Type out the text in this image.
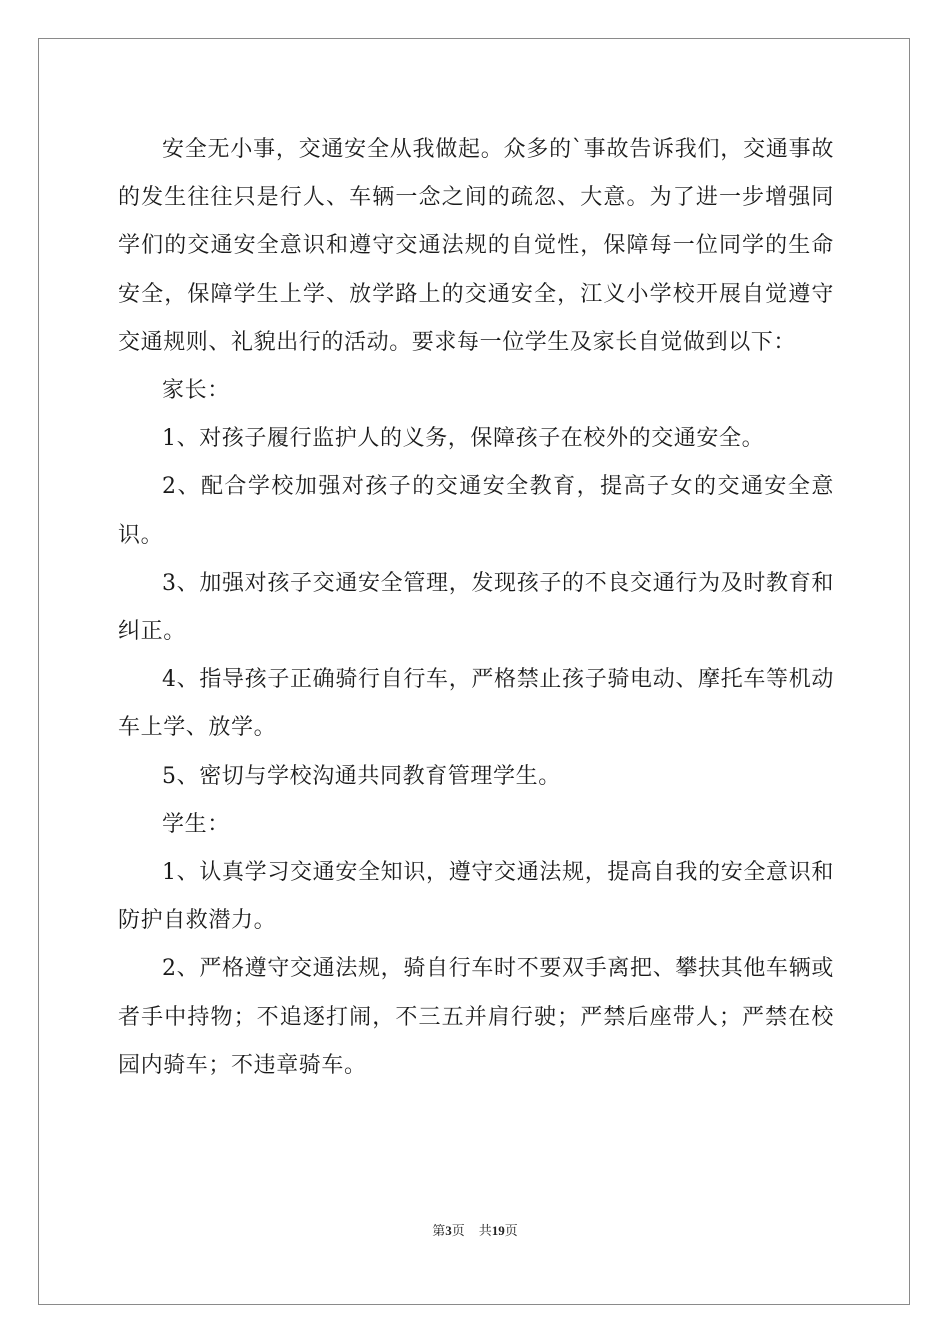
安全无小事，交通安全从我做起。众多的`事故告诉我们，交通事故的发生往往只是行人、车辆一念之间的疏忽、大意。为了进一步增强同学们的交通安全意识和遵守交通法规的自觉性，保障每一位同学的生命安全，保障学生上学、放学路上的交通安全，江义小学校开展自觉遵守交通规则、礼貌出行的活动。要求每一位学生及家长自觉做到以下：

家长：

1、对孩子履行监护人的义务，保障孩子在校外的交通安全。

2、配合学校加强对孩子的交通安全教育，提高子女的交通安全意识。

3、加强对孩子交通安全管理，发现孩子的不良交通行为及时教育和纠正。

4、指导孩子正确骑行自行车，严格禁止孩子骑电动、摩托车等机动车上学、放学。

5、密切与学校沟通共同教育管理学生。

学生：

1、认真学习交通安全知识，遵守交通法规，提高自我的安全意识和防护自救潜力。

2、严格遵守交通法规，骑自行车时不要双手离把、攀扶其他车辆或者手中持物；不追逐打闹，不三五并肩行驶；严禁后座带人；严禁在校园内骑车；不违章骑车。

第3页 共19页
